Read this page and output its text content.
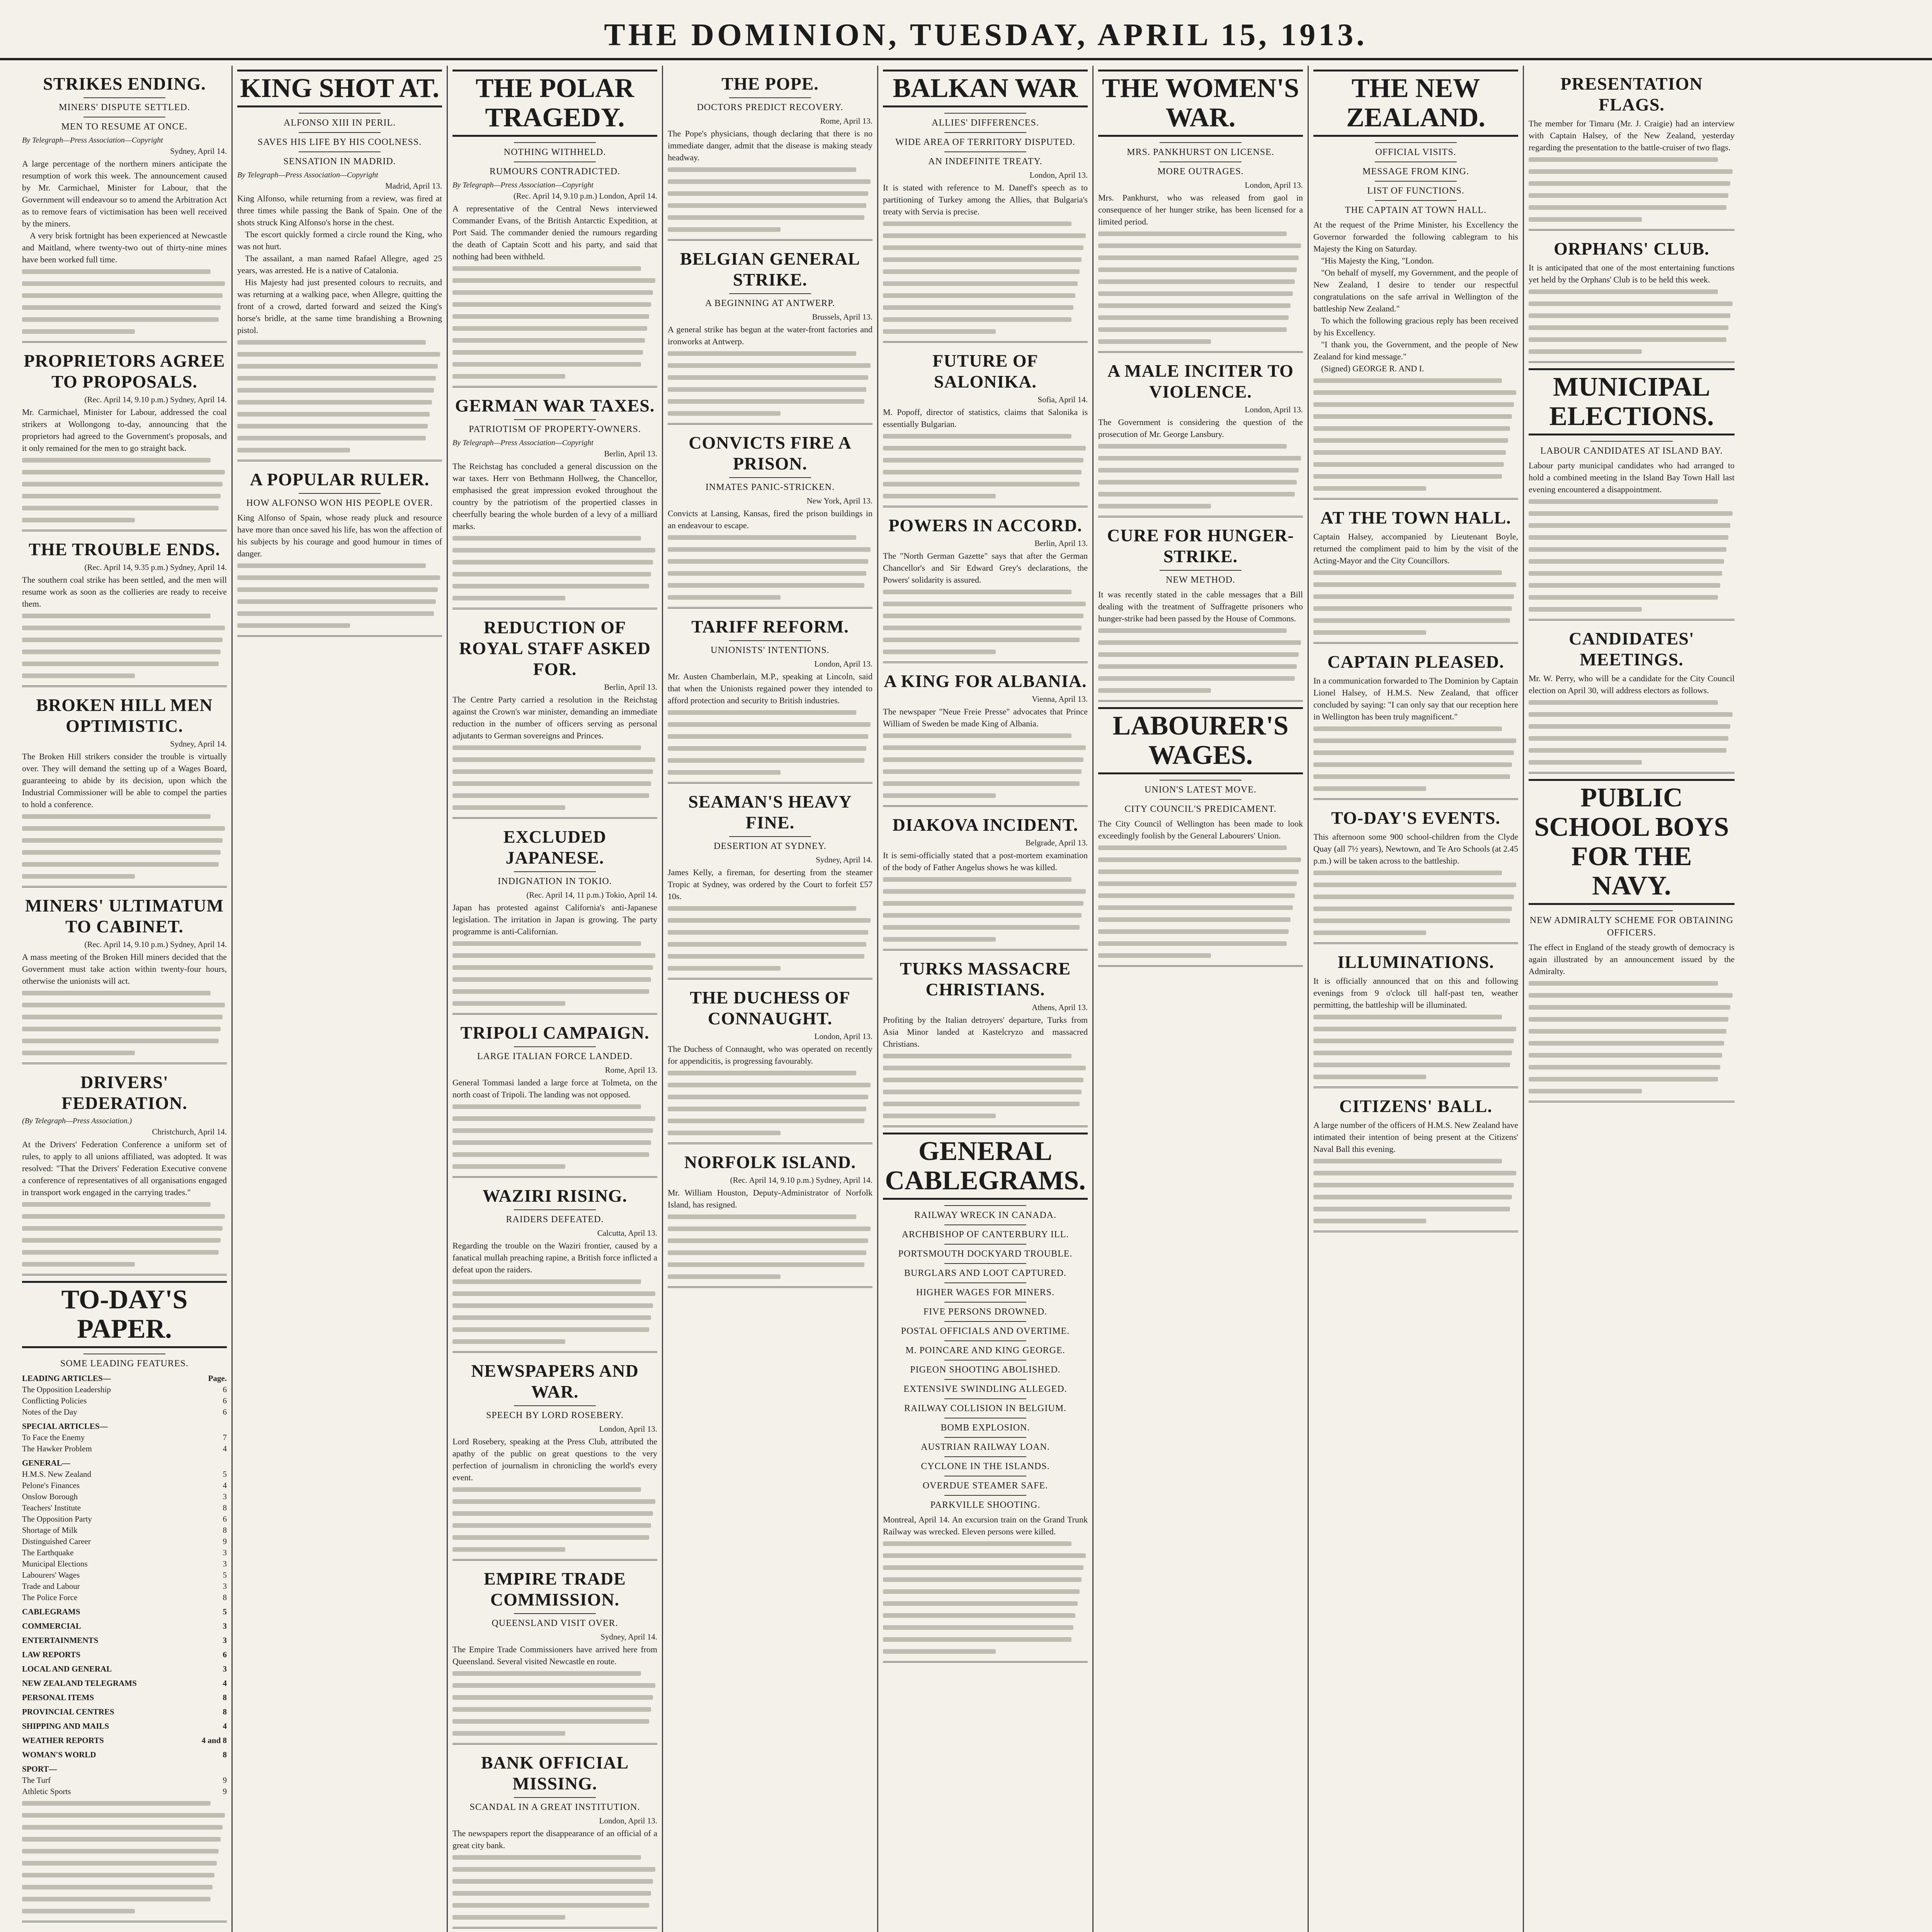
THE DOMINION, TUESDAY, APRIL 15, 1913.
STRIKES ENDING.
MINERS' DISPUTE SETTLED.
MEN TO RESUME AT ONCE.
By Telegraph—Press Association—Copyright
Sydney, April 14.

A large percentage of the northern miners anticipate the resumption of work this week. The announcement caused by Mr. Carmichael, Minister for Labour, that the Government will endeavour so to amend the Arbitration Act as to remove fears of victimisation has been well received by the miners.

A very brisk fortnight has been experienced at Newcastle and Maitland, where twenty-two out of thirty-nine mines have been worked full time.

PROPRIETORS AGREE TO PROPOSALS.
(Rec. April 14, 9.10 p.m.) Sydney, April 14.

Mr. Carmichael, Minister for Labour, addressed the coal strikers at Wollongong to-day, announcing that the proprietors had agreed to the Government's proposals, and it only remained for the men to go straight back.

THE TROUBLE ENDS.
(Rec. April 14, 9.35 p.m.) Sydney, April 14.

The southern coal strike has been settled, and the men will resume work as soon as the collieries are ready to receive them.

BROKEN HILL MEN OPTIMISTIC.
Sydney, April 14.

The Broken Hill strikers consider the trouble is virtually over. They will demand the setting up of a Wages Board, guaranteeing to abide by its decision, upon which the Industrial Commissioner will be able to compel the parties to hold a conference.

MINERS' ULTIMATUM TO CABINET.
(Rec. April 14, 9.10 p.m.) Sydney, April 14.

A mass meeting of the Broken Hill miners decided that the Government must take action within twenty-four hours, otherwise the unionists will act.

DRIVERS' FEDERATION.
(By Telegraph—Press Association.)
Christchurch, April 14.

At the Drivers' Federation Conference a uniform set of rules, to apply to all unions affiliated, was adopted. It was resolved: "That the Drivers' Federation Executive convene a conference of representatives of all organisations engaged in transport work engaged in the carrying trades."

TO-DAY'S PAPER.
SOME LEADING FEATURES.
LEADING ARTICLES—	Page.
The Opposition Leadership	6
Conflicting Policies	6
Notes of the Day	6
SPECIAL ARTICLES—
To Face the Enemy	7
The Hawker Problem	4
GENERAL—
H.M.S. New Zealand	5
Pelone's Finances	4
Onslow Borough	3
Teachers' Institute	8
The Opposition Party	6
Shortage of Milk	8
Distinguished Career	9
The Earthquake	3
Municipal Elections	3
Labourers' Wages	5
Trade and Labour	3
The Police Force	8
CABLEGRAMS	5
COMMERCIAL	3
ENTERTAINMENTS	3
LAW REPORTS	6
LOCAL AND GENERAL	3
NEW ZEALAND TELEGRAMS	4
PERSONAL ITEMS	8
PROVINCIAL CENTRES	8
SHIPPING AND MAILS	4
WEATHER REPORTS	4 and 8
WOMAN'S WORLD	8
SPORT—
The Turf	9
Athletic Sports	9
KING SHOT AT.
ALFONSO XIII IN PERIL.
SAVES HIS LIFE BY HIS COOLNESS.
SENSATION IN MADRID.
By Telegraph—Press Association—Copyright
Madrid, April 13.

King Alfonso, while returning from a review, was fired at three times while passing the Bank of Spain. One of the shots struck King Alfonso's horse in the chest.

The escort quickly formed a circle round the King, who was not hurt.

The assailant, a man named Rafael Allegre, aged 25 years, was arrested. He is a native of Catalonia.

His Majesty had just presented colours to recruits, and was returning at a walking pace, when Allegre, quitting the front of a crowd, darted forward and seized the King's horse's bridle, at the same time brandishing a Browning pistol.

A POPULAR RULER.
HOW ALFONSO WON HIS PEOPLE OVER.

King Alfonso of Spain, whose ready pluck and resource have more than once saved his life, has won the affection of his subjects by his courage and good humour in times of danger.

THE POLAR TRAGEDY.
NOTHING WITHHELD.
RUMOURS CONTRADICTED.
By Telegraph—Press Association—Copyright
(Rec. April 14, 9.10 p.m.) London, April 14.

A representative of the Central News interviewed Commander Evans, of the British Antarctic Expedition, at Port Said. The commander denied the rumours regarding the death of Captain Scott and his party, and said that nothing had been withheld.

GERMAN WAR TAXES.
PATRIOTISM OF PROPERTY-OWNERS.
By Telegraph—Press Association—Copyright
Berlin, April 13.

The Reichstag has concluded a general discussion on the war taxes. Herr von Bethmann Hollweg, the Chancellor, emphasised the great impression evoked throughout the country by the patriotism of the propertied classes in cheerfully bearing the whole burden of a levy of a milliard marks.

REDUCTION OF ROYAL STAFF ASKED FOR.
Berlin, April 13.

The Centre Party carried a resolution in the Reichstag against the Crown's war minister, demanding an immediate reduction in the number of officers serving as personal adjutants to German sovereigns and Princes.

EXCLUDED JAPANESE.
INDIGNATION IN TOKIO.
(Rec. April 14, 11 p.m.) Tokio, April 14.

Japan has protested against California's anti-Japanese legislation. The irritation in Japan is growing. The party programme is anti-Californian.

TRIPOLI CAMPAIGN.
LARGE ITALIAN FORCE LANDED.
Rome, April 13.

General Tommasi landed a large force at Tolmeta, on the north coast of Tripoli. The landing was not opposed.

WAZIRI RISING.
RAIDERS DEFEATED.
Calcutta, April 13.

Regarding the trouble on the Waziri frontier, caused by a fanatical mullah preaching rapine, a British force inflicted a defeat upon the raiders.

NEWSPAPERS AND WAR.
SPEECH BY LORD ROSEBERY.
London, April 13.

Lord Rosebery, speaking at the Press Club, attributed the apathy of the public on great questions to the very perfection of journalism in chronicling the world's every event.

EMPIRE TRADE COMMISSION.
QUEENSLAND VISIT OVER.
Sydney, April 14.

The Empire Trade Commissioners have arrived here from Queensland. Several visited Newcastle en route.

BANK OFFICIAL MISSING.
SCANDAL IN A GREAT INSTITUTION.
London, April 13.

The newspapers report the disappearance of an official of a great city bank.

THE POPE.
DOCTORS PREDICT RECOVERY.
Rome, April 13.

The Pope's physicians, though declaring that there is no immediate danger, admit that the disease is making steady headway.

BELGIAN GENERAL STRIKE.
A BEGINNING AT ANTWERP.
Brussels, April 13.

A general strike has begun at the water-front factories and ironworks at Antwerp.

CONVICTS FIRE A PRISON.
INMATES PANIC-STRICKEN.
New York, April 13.

Convicts at Lansing, Kansas, fired the prison buildings in an endeavour to escape.

TARIFF REFORM.
UNIONISTS' INTENTIONS.
London, April 13.

Mr. Austen Chamberlain, M.P., speaking at Lincoln, said that when the Unionists regained power they intended to afford protection and security to British industries.

SEAMAN'S HEAVY FINE.
DESERTION AT SYDNEY.
Sydney, April 14.

James Kelly, a fireman, for deserting from the steamer Tropic at Sydney, was ordered by the Court to forfeit £57 10s.

THE DUCHESS OF CONNAUGHT.
London, April 13.

The Duchess of Connaught, who was operated on recently for appendicitis, is progressing favourably.

NORFOLK ISLAND.
(Rec. April 14, 9.10 p.m.) Sydney, April 14.

Mr. William Houston, Deputy-Administrator of Norfolk Island, has resigned.

BALKAN WAR
ALLIES' DIFFERENCES.
WIDE AREA OF TERRITORY DISPUTED.
AN INDEFINITE TREATY.
London, April 13.

It is stated with reference to M. Daneff's speech as to partitioning of Turkey among the Allies, that Bulgaria's treaty with Servia is precise.

FUTURE OF SALONIKA.
Sofia, April 14.

M. Popoff, director of statistics, claims that Salonika is essentially Bulgarian.

POWERS IN ACCORD.
Berlin, April 13.

The "North German Gazette" says that after the German Chancellor's and Sir Edward Grey's declarations, the Powers' solidarity is assured.

A KING FOR ALBANIA.
Vienna, April 13.

The newspaper "Neue Freie Presse" advocates that Prince William of Sweden be made King of Albania.

DIAKOVA INCIDENT.
Belgrade, April 13.

It is semi-officially stated that a post-mortem examination of the body of Father Angelus shows he was killed.

TURKS MASSACRE CHRISTIANS.
Athens, April 13.

Profiting by the Italian detroyers' departure, Turks from Asia Minor landed at Kastelcryzo and massacred Christians.

GENERAL CABLEGRAMS.
RAILWAY WRECK IN CANADA.
ARCHBISHOP OF CANTERBURY ILL.
PORTSMOUTH DOCKYARD TROUBLE.
BURGLARS AND LOOT CAPTURED.
HIGHER WAGES FOR MINERS.
FIVE PERSONS DROWNED.
POSTAL OFFICIALS AND OVERTIME.
M. POINCARE AND KING GEORGE.
PIGEON SHOOTING ABOLISHED.
EXTENSIVE SWINDLING ALLEGED.
RAILWAY COLLISION IN BELGIUM.
BOMB EXPLOSION.
AUSTRIAN RAILWAY LOAN.
CYCLONE IN THE ISLANDS.
OVERDUE STEAMER SAFE.
PARKVILLE SHOOTING.

Montreal, April 14. An excursion train on the Grand Trunk Railway was wrecked. Eleven persons were killed.

THE WOMEN'S WAR.
MRS. PANKHURST ON LICENSE.
MORE OUTRAGES.
London, April 13.

Mrs. Pankhurst, who was released from gaol in consequence of her hunger strike, has been licensed for a limited period.

A MALE INCITER TO VIOLENCE.
London, April 13.

The Government is considering the question of the prosecution of Mr. George Lansbury.

CURE FOR HUNGER-STRIKE.
NEW METHOD.

It was recently stated in the cable messages that a Bill dealing with the treatment of Suffragette prisoners who hunger-strike had been passed by the House of Commons.

LABOURER'S WAGES.
UNION'S LATEST MOVE.
CITY COUNCIL'S PREDICAMENT.

The City Council of Wellington has been made to look exceedingly foolish by the General Labourers' Union.

THE NEW ZEALAND.
OFFICIAL VISITS.
MESSAGE FROM KING.
LIST OF FUNCTIONS.
THE CAPTAIN AT TOWN HALL.

At the request of the Prime Minister, his Excellency the Governor forwarded the following cablegram to his Majesty the King on Saturday.

"His Majesty the King, "London.

"On behalf of myself, my Government, and the people of New Zealand, I desire to tender our respectful congratulations on the safe arrival in Wellington of the battleship New Zealand."

To which the following gracious reply has been received by his Excellency.

"I thank you, the Government, and the people of New Zealand for kind message."

(Signed) GEORGE R. AND I.

AT THE TOWN HALL.

Captain Halsey, accompanied by Lieutenant Boyle, returned the compliment paid to him by the visit of the Acting-Mayor and the City Councillors.

CAPTAIN PLEASED.

In a communication forwarded to The Dominion by Captain Lionel Halsey, of H.M.S. New Zealand, that officer concluded by saying: "I can only say that our reception here in Wellington has been truly magnificent."

TO-DAY'S EVENTS.

This afternoon some 900 school-children from the Clyde Quay (all 7½ years), Newtown, and Te Aro Schools (at 2.45 p.m.) will be taken across to the battleship.

ILLUMINATIONS.

It is officially announced that on this and following evenings from 9 o'clock till half-past ten, weather permitting, the battleship will be illuminated.

CITIZENS' BALL.

A large number of the officers of H.M.S. New Zealand have intimated their intention of being present at the Citizens' Naval Ball this evening.

PRESENTATION FLAGS.

The member for Timaru (Mr. J. Craigie) had an interview with Captain Halsey, of the New Zealand, yesterday regarding the presentation to the battle-cruiser of two flags.

ORPHANS' CLUB.

It is anticipated that one of the most entertaining functions yet held by the Orphans' Club is to be held this week.

MUNICIPAL ELECTIONS.
LABOUR CANDIDATES AT ISLAND BAY.

Labour party municipal candidates who had arranged to hold a combined meeting in the Island Bay Town Hall last evening encountered a disappointment.

CANDIDATES' MEETINGS.

Mr. W. Perry, who will be a candidate for the City Council election on April 30, will address electors as follows.

PUBLIC SCHOOL BOYS FOR THE NAVY.
NEW ADMIRALTY SCHEME FOR OBTAINING OFFICERS.

The effect in England of the steady growth of democracy is again illustrated by an announcement issued by the Admiralty.
